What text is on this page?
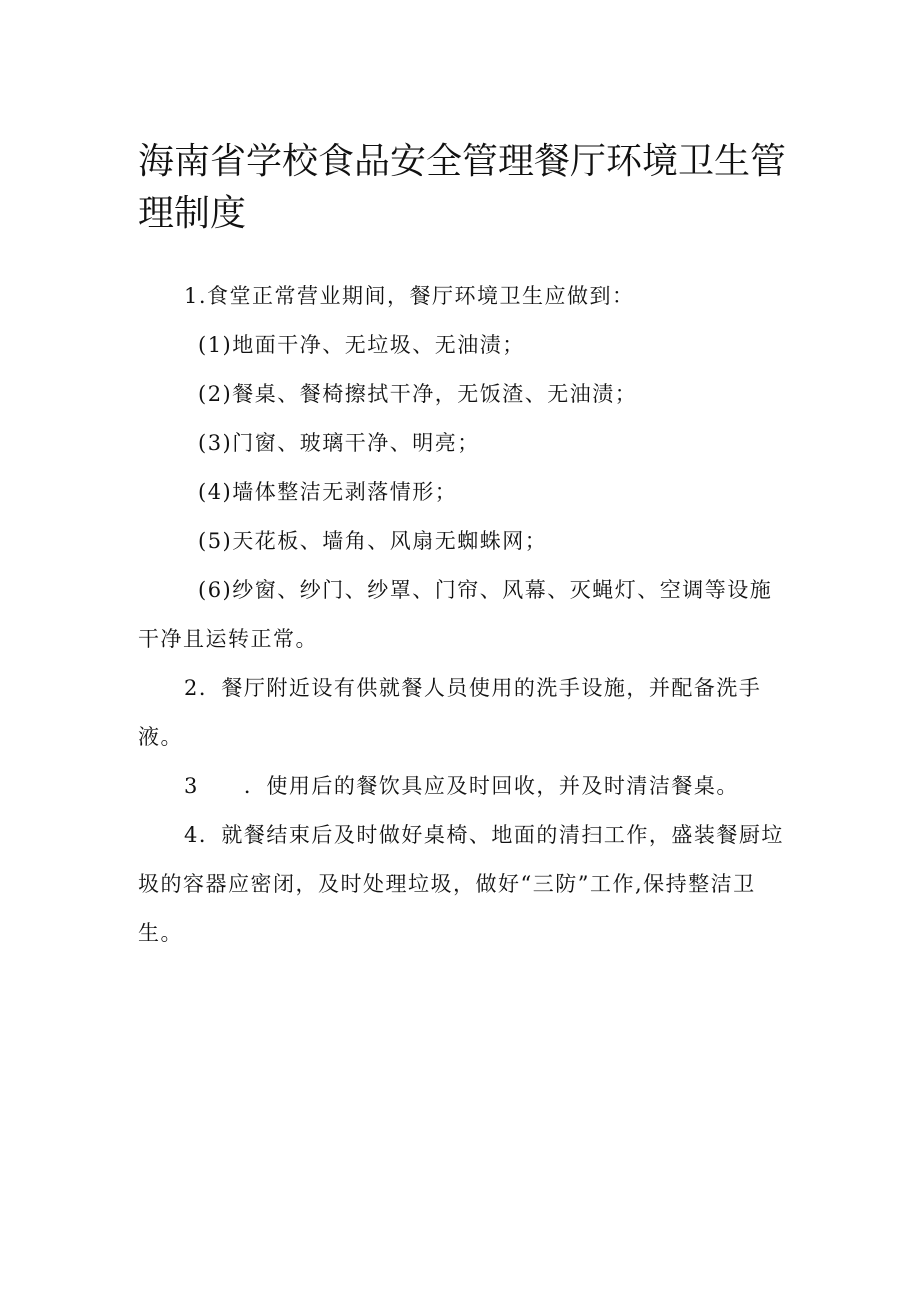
海南省学校食品安全管理餐厅环境卫生管理制度

1.食堂正常营业期间，餐厅环境卫生应做到：

(1)地面干净、无垃圾、无油渍；

(2)餐桌、餐椅擦拭干净，无饭渣、无油渍；

(3)门窗、玻璃干净、明亮；

(4)墙体整洁无剥落情形；

(5)天花板、墙角、风扇无蜘蛛网；

(6)纱窗、纱门、纱罩、门帘、风幕、灭蝇灯、空调等设施干净且运转正常。

2．餐厅附近设有供就餐人员使用的洗手设施，并配备洗手液。

3　　．使用后的餐饮具应及时回收，并及时清洁餐桌。

4．就餐结束后及时做好桌椅、地面的清扫工作，盛装餐厨垃圾的容器应密闭，及时处理垃圾，做好“三防”工作,保持整洁卫生。
